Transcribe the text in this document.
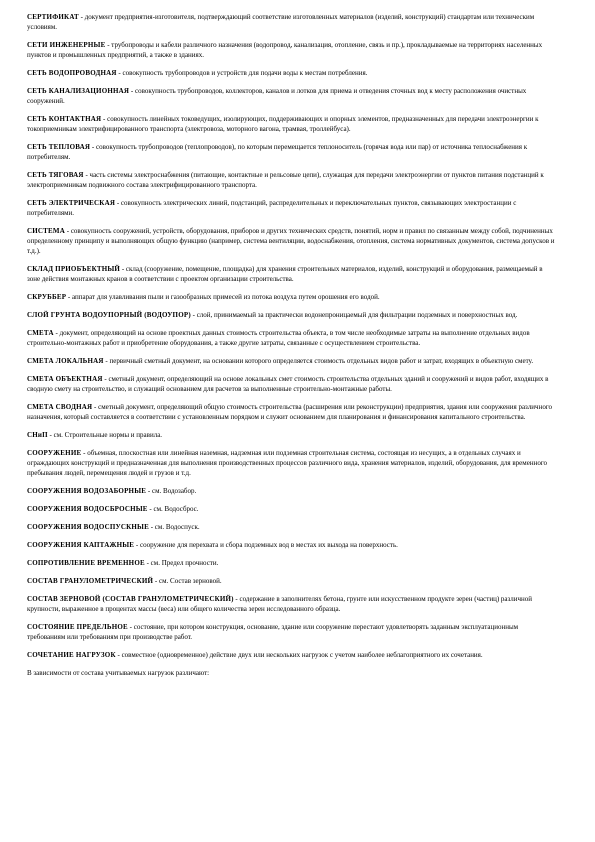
СЕРТИФИКАТ - документ предприятия-изготовителя, подтверждающий соответствие изготовленных материалов (изделий, конструкций) стандартам или техническим условиям.

СЕТИ ИНЖЕНЕРНЫЕ - трубопроводы и кабели различного назначения (водопровод, канализация, отопление, связь и пр.), прокладываемые на территориях населенных пунктов и промышленных предприятий, а также в зданиях.

СЕТЬ ВОДОПРОВОДНАЯ - совокупность трубопроводов и устройств для подачи воды к местам потребления.

СЕТЬ КАНАЛИЗАЦИОННАЯ - совокупность трубопроводов, коллекторов, каналов и лотков для приема и отведения сточных вод к месту расположения очистных сооружений.

СЕТЬ КОНТАКТНАЯ - совокупность линейных токоведущих, изолирующих, поддерживающих и опорных элементов, предназначенных для передачи электроэнергии к токоприемникам электрифицированного транспорта (электровоза, моторного вагона, трамвая, троллейбуса).

СЕТЬ ТЕПЛОВАЯ - совокупность трубопроводов (теплопроводов), по которым перемещается теплоноситель (горячая вода или пар) от источника теплоснабжения к потребителям.

СЕТЬ ТЯГОВАЯ - часть системы электроснабжения (питающие, контактные и рельсовые цепи), служащая для передачи электроэнергии от пунктов питания подстанций к электроприемникам подвижного состава электрифицированного транспорта.

СЕТЬ ЭЛЕКТРИЧЕСКАЯ - совокупность электрических линий, подстанций, распределительных и переключательных пунктов, связывающих электростанции с потребителями.

СИСТЕМА - совокупность сооружений, устройств, оборудования, приборов и других технических средств, понятий, норм и правил по связанным между собой, подчиненных определенному принципу и выполняющих общую функцию (например, система вентиляции, водоснабжения, отопления, система нормативных документов, система допусков и т.д.).

СКЛАД ПРИОБЪЕКТНЫЙ - склад (сооружение, помещение, площадка) для хранения строительных материалов, изделий, конструкций и оборудования, размещаемый в зоне действия монтажных кранов в соответствии с проектом организации строительства.

СКРУББЕР - аппарат для улавливания пыли и газообразных примесей из потока воздуха путем орошения его водой.

СЛОЙ ГРУНТА ВОДОУПОРНЫЙ (ВОДОУПОР) - слой, принимаемый за практически водонепроницаемый для фильтрации подземных и поверхностных вод.

СМЕТА - документ, определяющий на основе проектных данных стоимость строительства объекта, в том числе необходимые затраты на выполнение отдельных видов строительно-монтажных работ и приобретение оборудования, а также другие затраты, связанные с осуществлением строительства.

СМЕТА ЛОКАЛЬНАЯ - первичный сметный документ, на основании которого определяется стоимость отдельных видов работ и затрат, входящих в объектную смету.

СМЕТА ОБЪЕКТНАЯ - сметный документ, определяющий на основе локальных смет стоимость строительства отдельных зданий и сооружений и видов работ, входящих в сводную смету на строительство, и служащий основанием для расчетов за выполненные строительно-монтажные работы.

СМЕТА СВОДНАЯ - сметный документ, определяющий общую стоимость строительства (расширения или реконструкции) предприятия, здания или сооружения различного назначения, который составляется в соответствии с установленным порядком и служит основанием для планирования и финансирования капитального строительства.

СНиП - см. Строительные нормы и правила.

СООРУЖЕНИЕ - объемная, плоскостная или линейная наземная, надземная или подземная строительная система, состоящая из несущих, а в отдельных случаях и ограждающих конструкций и предназначенная для выполнения производственных процессов различного вида, хранения материалов, изделий, оборудования, для временного пребывания людей, перемещения людей и грузов и т.д.

СООРУЖЕНИЯ ВОДОЗАБОРНЫЕ - см. Водозабор.

СООРУЖЕНИЯ ВОДОСБРОСНЫЕ - см. Водосброс.

СООРУЖЕНИЯ ВОДОСПУСКНЫЕ - см. Водоспуск.

СООРУЖЕНИЯ КАПТАЖНЫЕ - сооружение для перехвата и сбора подземных вод в местах их выхода на поверхность.

СОПРОТИВЛЕНИЕ ВРЕМЕННОЕ - см. Предел прочности.

СОСТАВ ГРАНУЛОМЕТРИЧЕСКИЙ - см. Состав зерновой.

СОСТАВ ЗЕРНОВОЙ (СОСТАВ ГРАНУЛОМЕТРИЧЕСКИЙ) - содержание в заполнителях бетона, грунте или искусственном продукте зерен (частиц) различной крупности, выраженное в процентах массы (веса) или общего количества зерен исследованного образца.

СОСТОЯНИЕ ПРЕДЕЛЬНОЕ - состояние, при котором конструкция, основание, здание или сооружение перестают удовлетворять заданным эксплуатационным требованиям или требованиям при производстве работ.

СОЧЕТАНИЕ НАГРУЗОК - совместное (одновременное) действие двух или нескольких нагрузок с учетом наиболее неблагоприятного их сочетания.

В зависимости от состава учитываемых нагрузок различают:
